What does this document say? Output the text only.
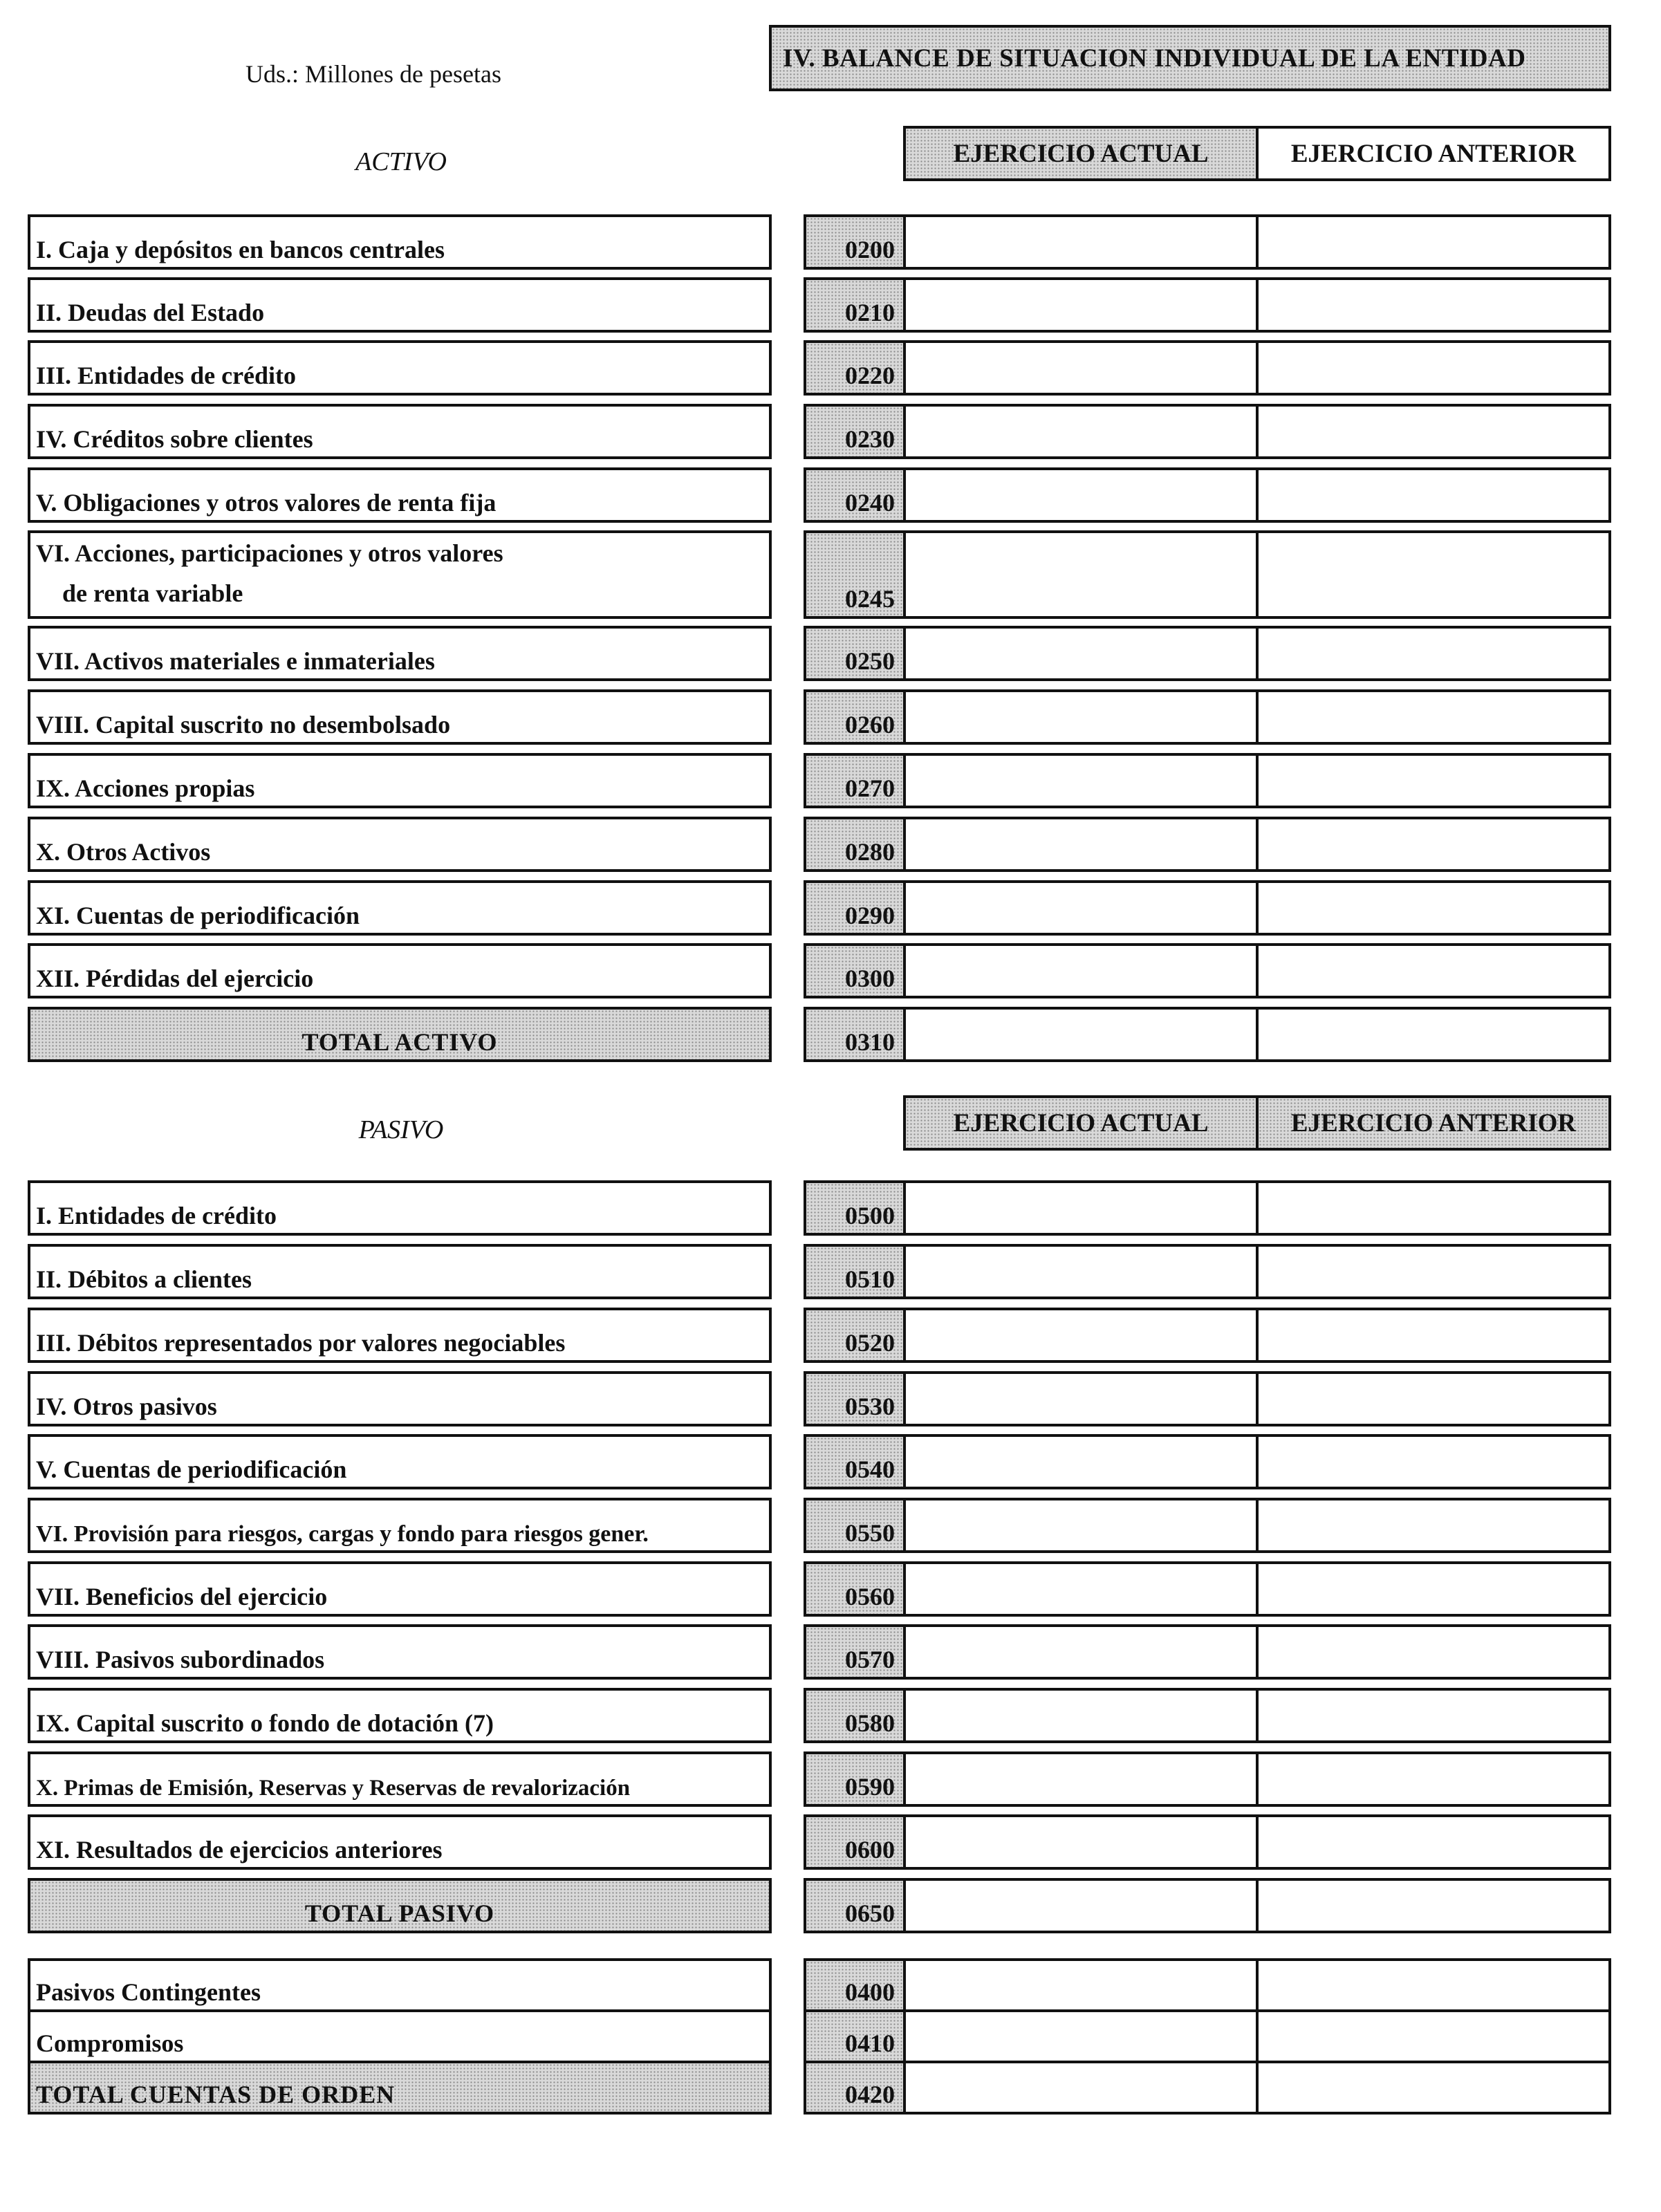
Uds.: Millones de pesetas
IV. BALANCE DE SITUACION INDIVIDUAL DE LA ENTIDAD
ACTIVO	EJERCICIO ACTUAL	EJERCICIO ANTERIOR
I. Caja y depósitos en bancos centrales	0200
II. Deudas del Estado	0210
III. Entidades de crédito	0220
IV. Créditos sobre clientes	0230
V. Obligaciones y otros valores de renta fija	0240
VI. Acciones, participaciones y otros valores
de renta variable	0245
VII. Activos materiales e inmateriales	0250
VIII. Capital suscrito no desembolsado	0260
IX. Acciones propias	0270
X. Otros Activos	0280
XI. Cuentas de periodificación	0290
XII. Pérdidas del ejercicio	0300
TOTAL ACTIVO	0310
PASIVO	EJERCICIO ACTUAL	EJERCICIO ANTERIOR
I. Entidades de crédito	0500
II. Débitos a clientes	0510
III. Débitos representados por valores negociables	0520
IV. Otros pasivos	0530
V. Cuentas de periodificación	0540
VI. Provisión para riesgos, cargas y fondo para riesgos gener.	0550
VII. Beneficios del ejercicio	0560
VIII. Pasivos subordinados	0570
IX. Capital suscrito o fondo de dotación (7)	0580
X. Primas de Emisión, Reservas y Reservas de revalorización	0590
XI. Resultados de ejercicios anteriores	0600
TOTAL PASIVO	0650
Pasivos Contingentes	0400
Compromisos	0410
TOTAL CUENTAS DE ORDEN	0420
